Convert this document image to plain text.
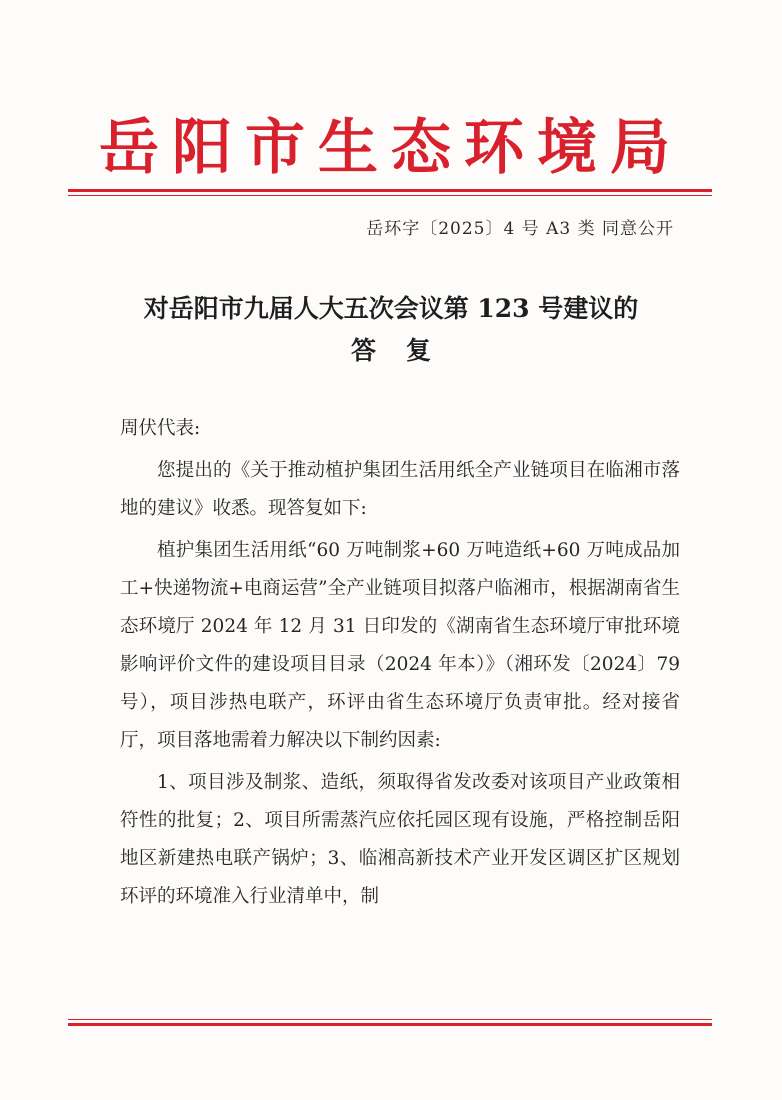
岳阳市生态环境局
岳环字〔2025〕4 号 A3 类 同意公开
对岳阳市九届人大五次会议第 123 号建议的
答复

周伏代表:

您提出的《关于推动植护集团生活用纸全产业链项目在临湘市落地的建议》收悉。现答复如下:

植护集团生活用纸“60 万吨制浆+60 万吨造纸+60 万吨成品加工+快递物流+电商运营”全产业链项目拟落户临湘市，根据湖南省生态环境厅 2024 年 12 月 31 日印发的《湖南省生态环境厅审批环境影响评价文件的建设项目目录（2024 年本）》（湘环发〔2024〕79 号），项目涉热电联产，环评由省生态环境厅负责审批。经对接省厅，项目落地需着力解决以下制约因素:

1、项目涉及制浆、造纸，须取得省发改委对该项目产业政策相符性的批复；2、项目所需蒸汽应依托园区现有设施，严格控制岳阳地区新建热电联产锅炉；3、临湘高新技术产业开发区调区扩区规划环评的环境准入行业清单中，制
